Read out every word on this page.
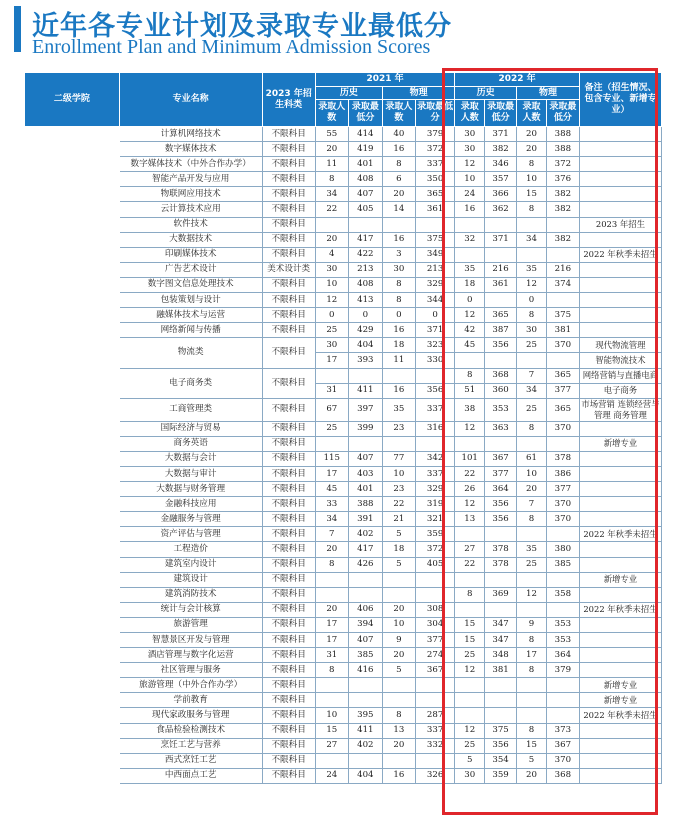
近年各专业计划及录取专业最低分
Enrollment Plan and Minimum Admission Scores
二级学院	专业名称	2023 年招生科类	2021 年				2022 年				备注（招生情况、包含专业、新增专业）
			历史		物理		历史		物理		
			录取人数	录取最低分	录取人数	录取最低分	录取人数	录取最低分	录取人数	录取最低分	
人工智能学院	计算机网络技术	不限科目	55	414	40	379	30	371	20	388	
	数字媒体技术	不限科目	20	419	16	372	30	382	20	388	
	数字媒体技术（中外合作办学）	不限科目	11	401	8	337	12	346	8	372	
	智能产品开发与应用	不限科目	8	408	6	350	10	357	10	376	
	物联网应用技术	不限科目	34	407	20	365	24	366	15	382	
	云计算技术应用	不限科目	22	405	14	361	16	362	8	382	
	软件技术	不限科目									2023 年招生
	大数据技术	不限科目	20	417	16	375	32	371	34	382	
出版传媒学院	印刷媒体技术	不限科目	4	422	3	349					2022 年秋季未招生
	广告艺术设计	美术设计类	30	213	30	213	35	216	35	216	
	数字图文信息处理技术	不限科目	10	408	8	329	18	361	12	374	
	包装策划与设计	不限科目	12	413	8	344	0		0		
	融媒体技术与运营	不限科目	0	0	0	0	12	365	8	375	
	网络新闻与传播	不限科目	25	429	16	371	42	387	30	381	
电子商务学院	物流类	不限科目	30	404	18	323	45	356	25	370	现代物流管理
			17	393	11	330					智能物流技术
	电子商务类	不限科目					8	368	7	365	网络营销与直播电商
			31	411	16	356	51	360	34	377	电子商务
经济贸易学院	工商管理类	不限科目	67	397	35	337	38	353	25	365	市场营销 连锁经营与管理 商务管理

	国际经济与贸易	不限科目	25	399	23	316	12	363	8	370	
	商务英语	不限科目									新增专业
会计学院	大数据与会计	不限科目	115	407	77	342	101	367	61	378	
	大数据与审计	不限科目	17	403	10	337	22	377	10	386	
	大数据与财务管理	不限科目	45	401	23	329	26	364	20	377	
财经管理学院	金融科技应用	不限科目	33	388	22	319	12	356	7	370	
	金融服务与管理	不限科目	34	391	21	321	13	356	8	370	
	资产评估与管理	不限科目	7	402	5	359					2022 年秋季未招生
	工程造价	不限科目	20	417	18	372	27	378	35	380	
	建筑室内设计	不限科目	8	426	5	405	22	378	25	385	
	建筑设计	不限科目									新增专业
	建筑消防技术	不限科目					8	369	12	358	
	统计与会计核算	不限科目	20	406	20	308					2022 年秋季未招生
文化旅游学院	旅游管理	不限科目	17	394	10	304	15	347	9	353	
	智慧景区开发与管理	不限科目	17	407	9	377	15	347	8	353	
	酒店管理与数字化运营	不限科目	31	385	20	274	25	348	17	364	
	社区管理与服务	不限科目	8	416	5	367	12	381	8	379	
	旅游管理（中外合作办学）	不限科目									新增专业
	学前教育	不限科目									新增专业
	现代家政服务与管理	不限科目	10	395	8	287					2022 年秋季未招生
烹饪学院	食品检验检测技术	不限科目	15	411	13	337	12	375	8	373	
	烹饪工艺与营养	不限科目	27	402	20	332	25	356	15	367	
	西式烹饪工艺	不限科目					5	354	5	370	
	中西面点工艺	不限科目	24	404	16	326	30	359	20	368	
